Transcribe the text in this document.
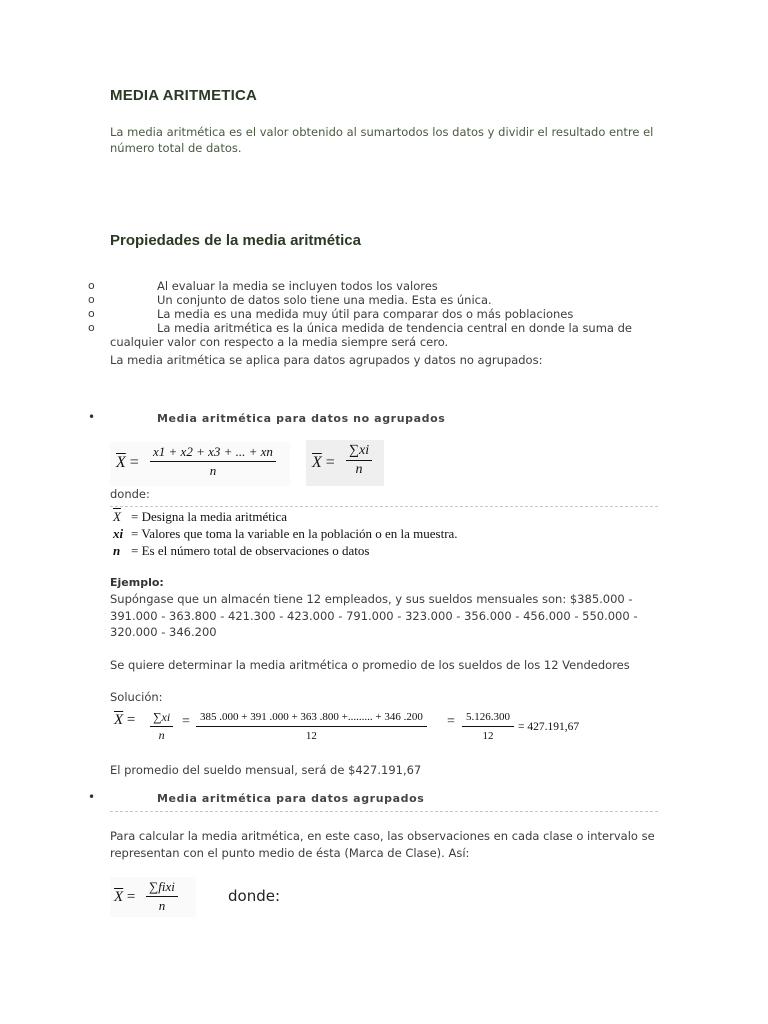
MEDIA ARITMETICA
La media aritmética es el valor obtenido al sumartodos los datos y dividir el resultado entre el número total de datos.
Propiedades de la media aritmética
o	Al evaluar la media se incluyen todos los valores
o	Un conjunto de datos solo tiene una media. Esta es única.
o	La media es una medida muy útil para comparar dos o más poblaciones
o	La media aritmética es la única medida de tendencia central en donde la suma de cualquier valor con respecto a la media siempre será cero.
La media aritmética se aplica para datos agrupados y datos no agrupados:
•	Media aritmética para datos no agrupados
$\overline{X} = \frac{x1 + x2 + x3 + ... + xn}{n} \overline{X} = \frac{\sum xi}{n}$
donde:
$\overline{X}$ = Designa la media aritmética
xi = Valores que toma la variable en la población o en la muestra.
n = Es el número total de observaciones o datos
Ejemplo:
Supóngase que un almacén tiene 12 empleados, y sus sueldos mensuales son: $385.000 - 391.000 - 363.800 - 421.300 - 423.000 - 791.000 - 323.000 - 356.000 - 456.000 - 550.000 - 320.000 - 346.200
Se quiere determinar la media aritmética o promedio de los sueldos de los 12 Vendedores
Solución:
$\overline{X} = \frac{\sum xi}{n} = \frac{385 .000 + 391 .000 + 363 .800 +......... + 346 .200}{12} = \frac{5.126.300}{12} = 427.191,67$
El promedio del sueldo mensual, será de $427.191,67
•	Media aritmética para datos agrupados
Para calcular la media aritmética, en este caso, las observaciones en cada clase o intervalo se representan con el punto medio de ésta (Marca de Clase). Así:
$\overline{X}$ =
∑fixi
n
donde:
